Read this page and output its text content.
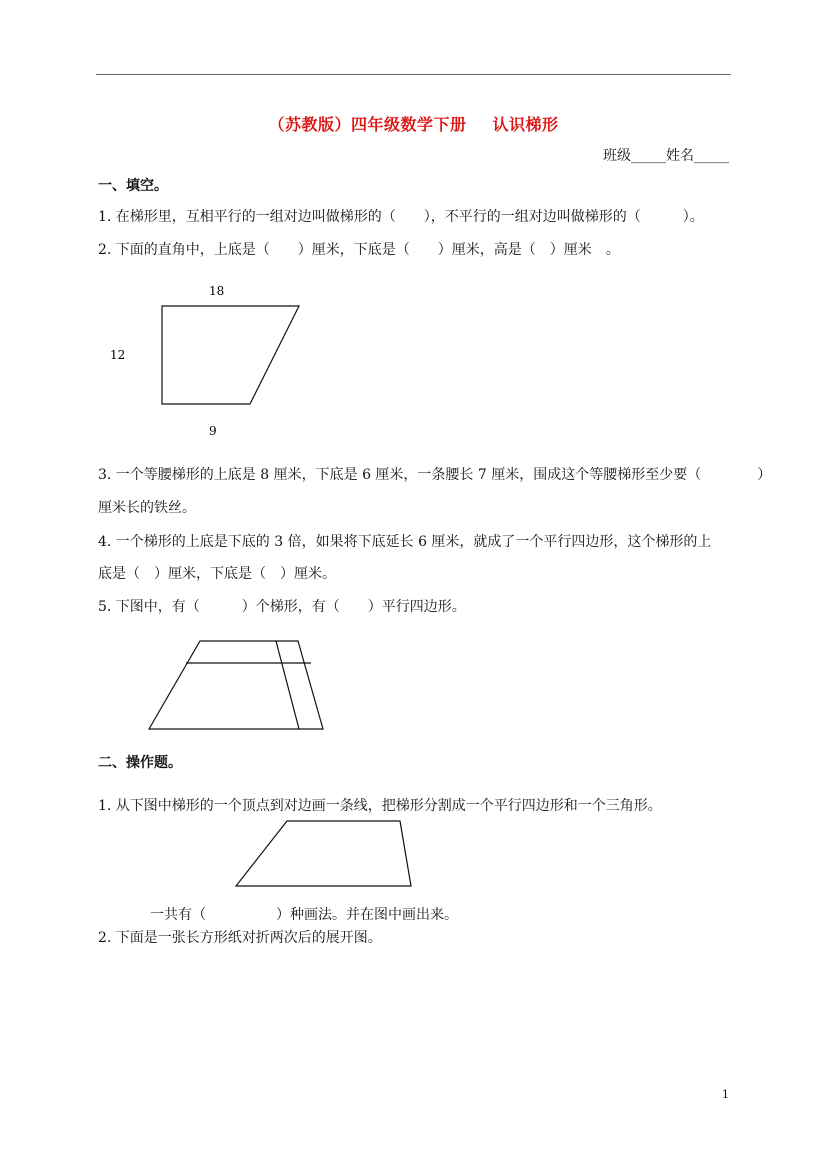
（苏教版）四年级数学下册 认识梯形
班级_____姓名_____
一、填空。
1. 在梯形里，互相平行的一组对边叫做梯形的（　　），不平行的一组对边叫做梯形的（　　　）。
2. 下面的直角中，上底是（　　）厘米，下底是（　　）厘米，高是（　）厘米　。
18
12
9
3. 一个等腰梯形的上底是 8 厘米，下底是 6 厘米，一条腰长 7 厘米，围成这个等腰梯形至少要（　　　　）
厘米长的铁丝。
4. 一个梯形的上底是下底的 3 倍，如果将下底延长 6 厘米，就成了一个平行四边形，这个梯形的上
底是（　）厘米，下底是（　）厘米。
5. 下图中，有（　　　）个梯形，有（　　）平行四边形。
二、操作题。
1. 从下图中梯形的一个顶点到对边画一条线，把梯形分割成一个平行四边形和一个三角形。
一共有（　　　　　）种画法。并在图中画出来。
2. 下面是一张长方形纸对折两次后的展开图。
1
